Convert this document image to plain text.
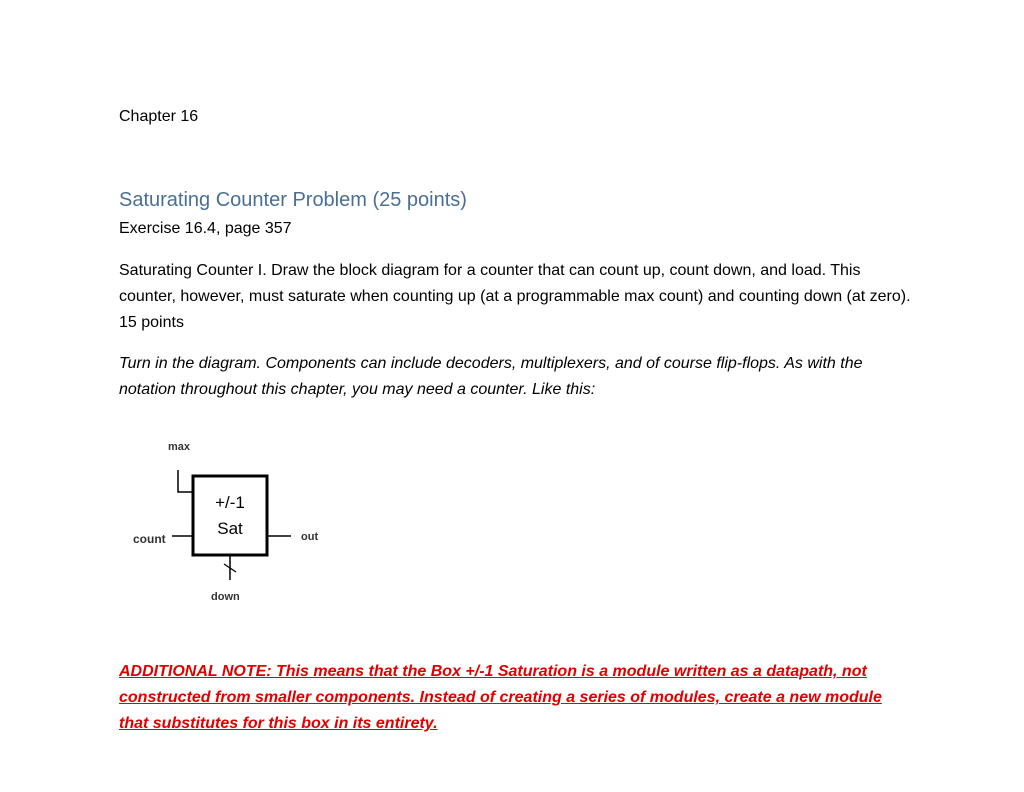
Chapter 16
Saturating Counter Problem (25 points)
Exercise 16.4, page 357
Saturating Counter I. Draw the block diagram for a counter that can count up, count down, and load. This counter, however, must saturate when counting up (at a programmable max count) and counting down (at zero). 15 points
Turn in the diagram. Components can include decoders, multiplexers, and of course flip-flops. As with the notation throughout this chapter, you may need a counter. Like this:
max
count	out
down
+/-1
Sat
ADDITIONAL NOTE: This means that the Box +/-1 Saturation is a module written as a datapath, not constructed from smaller components. Instead of creating a series of modules, create a new module that substitutes for this box in its entirety.
